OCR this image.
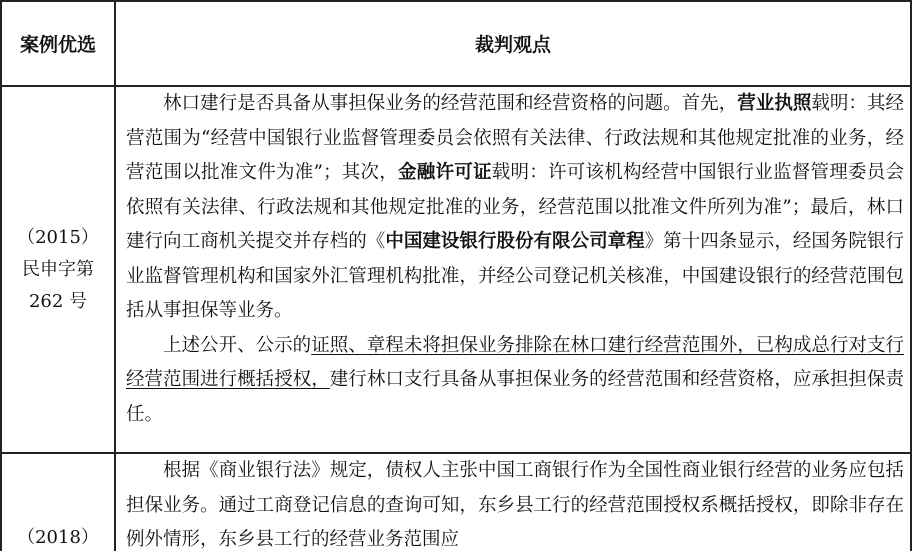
案例优选	裁判观点
（2015）
民申字第
262 号

林口建行是否具备从事担保业务的经营范围和经营资格的问题。首先，营业执照载明：其经营范围为“经营中国银行业监督管理委员会依照有关法律、行政法规和其他规定批准的业务，经营范围以批准文件为准”；其次，金融许可证载明：许可该机构经营中国银行业监督管理委员会依照有关法律、行政法规和其他规定批准的业务，经营范围以批准文件所列为准”；最后，林口建行向工商机关提交并存档的《中国建设银行股份有限公司章程》第十四条显示，经国务院银行业监督管理机构和国家外汇管理机构批准，并经公司登记机关核准，中国建设银行的经营范围包括从事担保等业务。

上述公开、公示的证照、章程未将担保业务排除在林口建行经营范围外，已构成总行对支行经营范围进行概括授权，建行林口支行具备从事担保业务的经营范围和经营资格，应承担担保责任。

（2018）

根据《商业银行法》规定，债权人主张中国工商银行作为全国性商业银行经营的业务应包括担保业务。通过工商登记信息的查询可知，东乡县工行的经营范围授权系概括授权，即除非存在例外情形，东乡县工行的经营业务范围应
